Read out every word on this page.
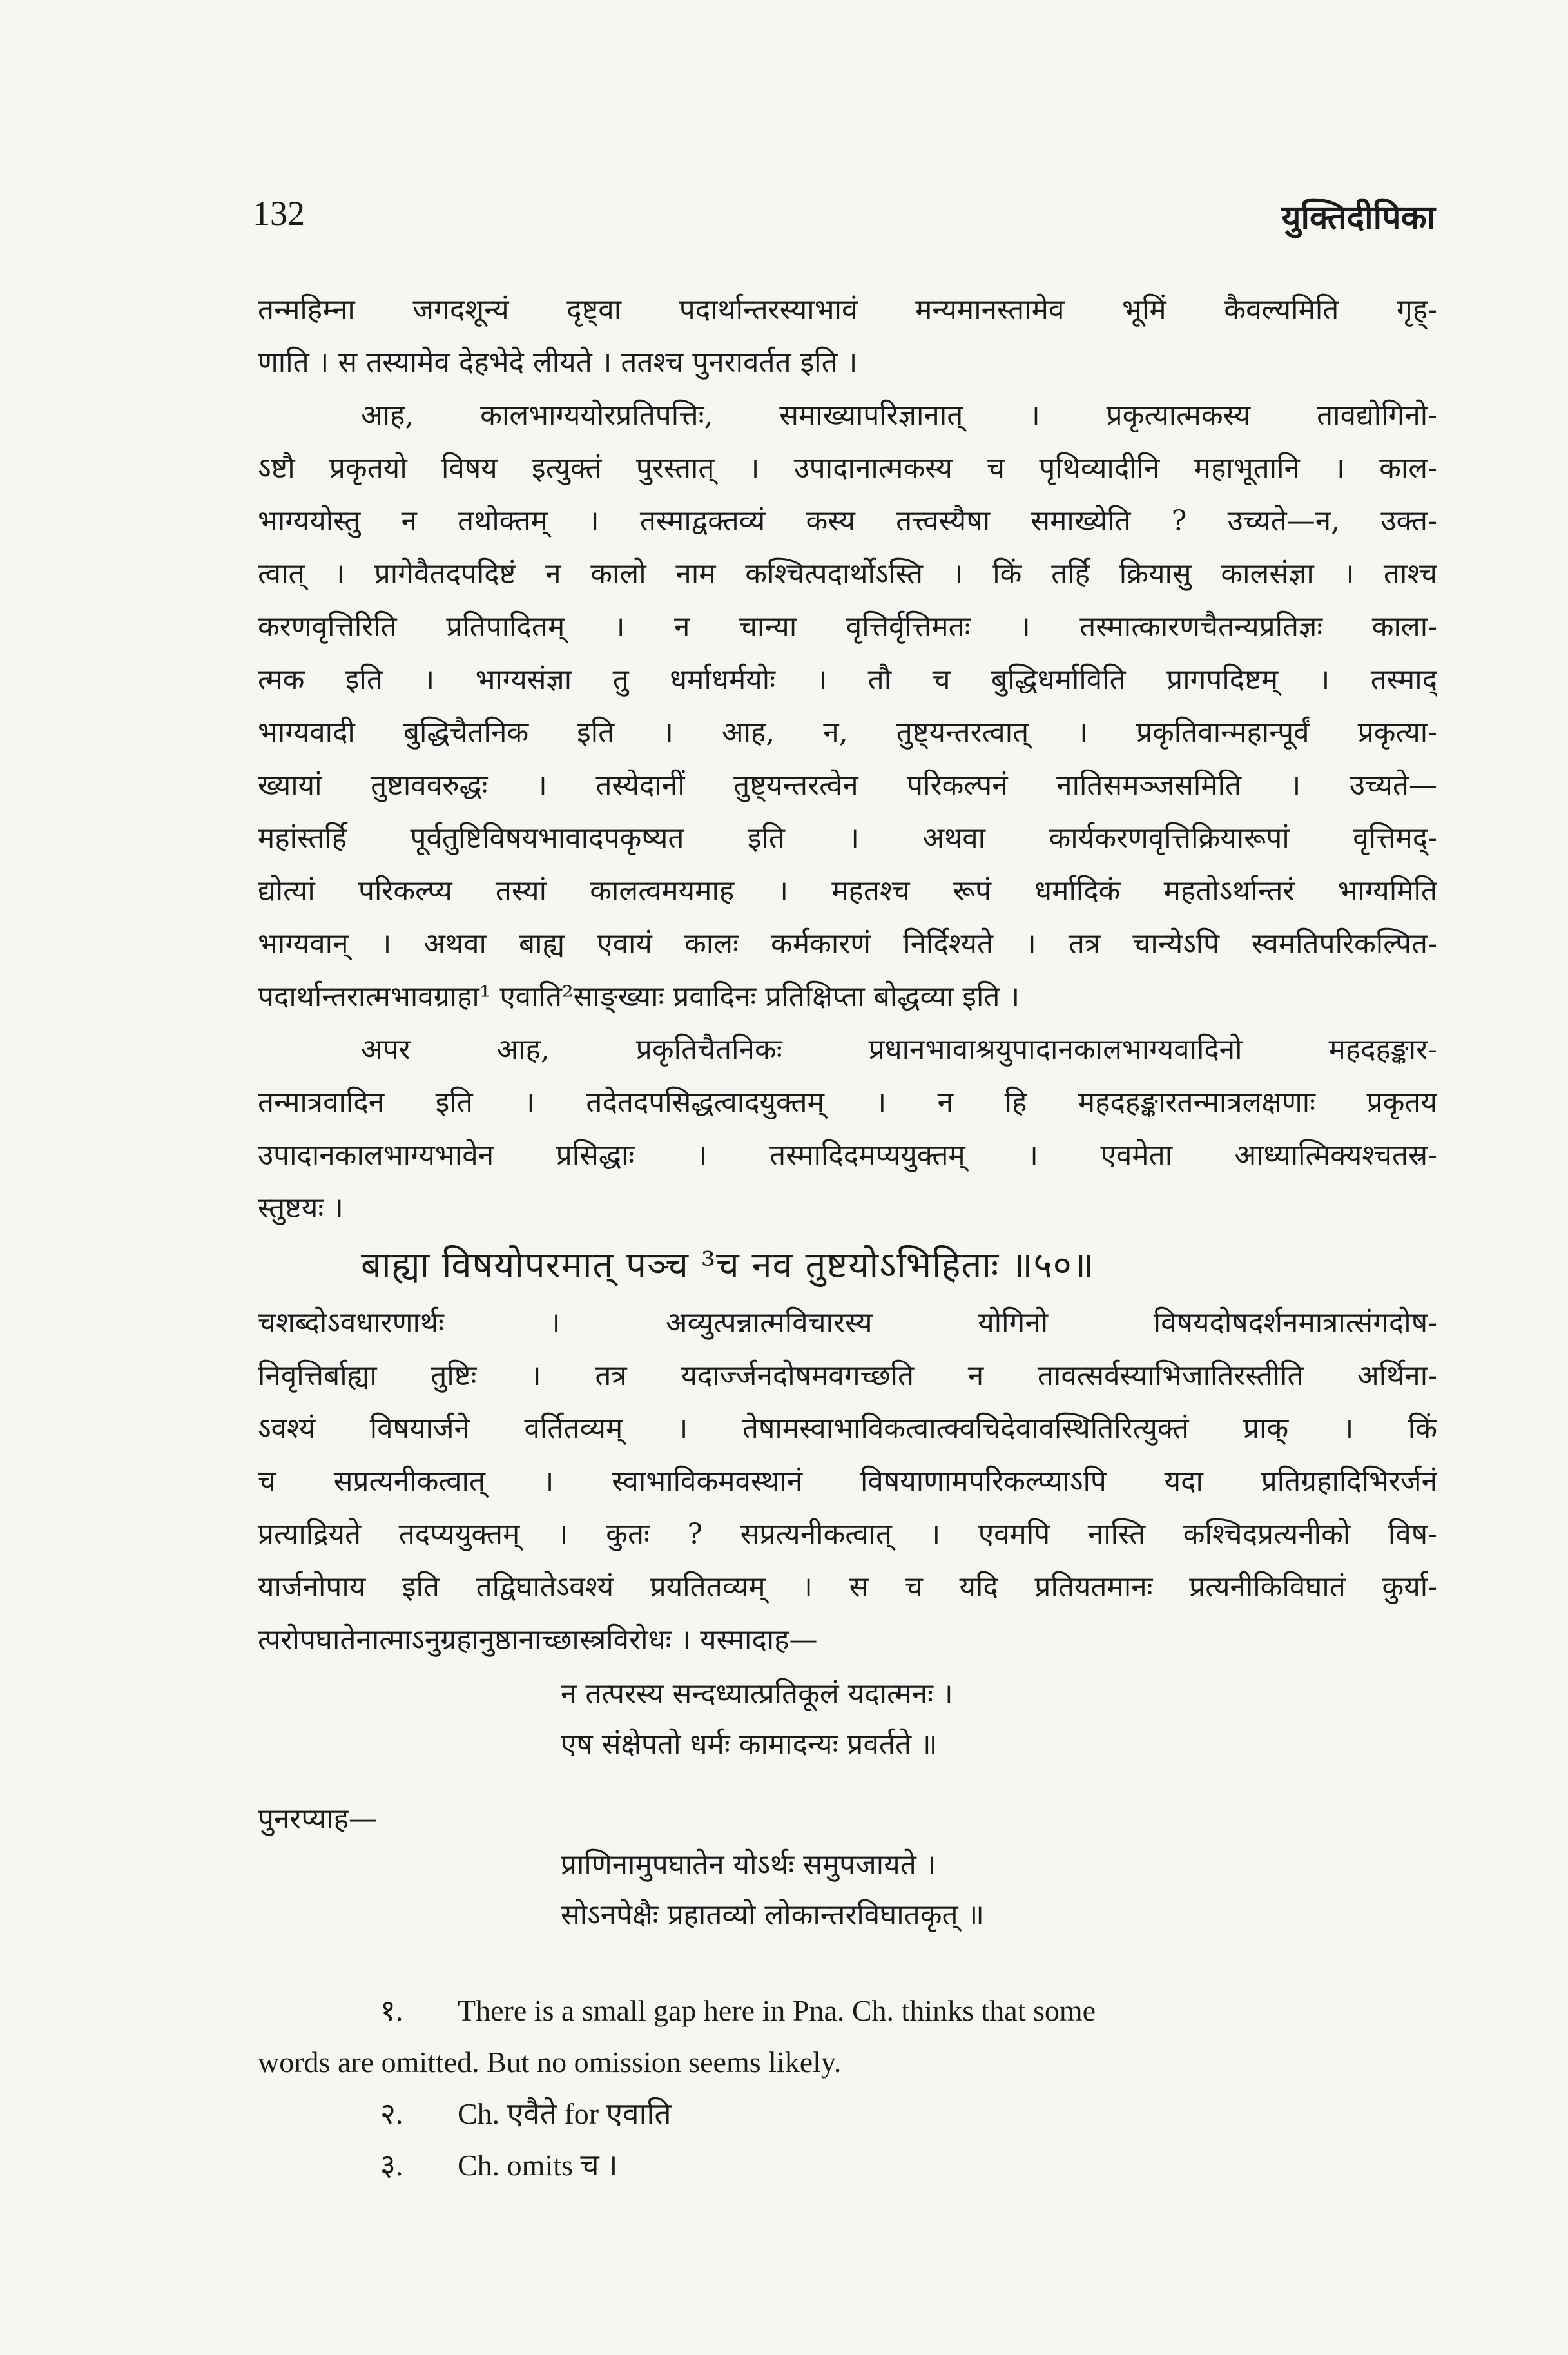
132	युक्तिदीपिका
तन्महिम्ना जगदशून्यं दृष्ट्वा पदार्थान्तरस्याभावं मन्यमानस्तामेव भूमिं कैवल्यमिति गृह्-
णाति । स तस्यामेव देहभेदे लीयते । ततश्च पुनरावर्तत इति ।
आह, कालभाग्ययोरप्रतिपत्तिः, समाख्यापरिज्ञानात् । प्रकृत्यात्मकस्य तावद्योगिनो-
ऽष्टौ प्रकृतयो विषय इत्युक्तं पुरस्तात् । उपादानात्मकस्य च पृथिव्यादीनि महाभूतानि । काल-
भाग्ययोस्तु न तथोक्तम् । तस्माद्वक्तव्यं कस्य तत्त्वस्यैषा समाख्येति ? उच्यते—न, उक्त-
त्वात् । प्रागेवैतदपदिष्टं न कालो नाम कश्चित्पदार्थोऽस्ति । किं तर्हि क्रियासु कालसंज्ञा । ताश्च
करणवृत्तिरिति प्रतिपादितम् । न चान्या वृत्तिर्वृत्तिमतः । तस्मात्कारणचैतन्यप्रतिज्ञः काला-
त्मक इति । भाग्यसंज्ञा तु धर्माधर्मयोः । तौ च बुद्धिधर्माविति प्रागपदिष्टम् । तस्माद्
भाग्यवादी बुद्धिचैतनिक इति । आह, न, तुष्ट्यन्तरत्वात् । प्रकृतिवान्महान्पूर्वं प्रकृत्या-
ख्यायां तुष्टाववरुद्धः । तस्येदानीं तुष्ट्यन्तरत्वेन परिकल्पनं नातिसमञ्जसमिति । उच्यते—
महांस्तर्हि पूर्वतुष्टिविषयभावादपकृष्यत इति । अथवा कार्यकरणवृत्तिक्रियारूपां वृत्तिमद्-
द्योत्यां परिकल्प्य तस्यां कालत्वमयमाह । महतश्च रूपं धर्मादिकं महतोऽर्थान्तरं भाग्यमिति
भाग्यवान् । अथवा बाह्य एवायं कालः कर्मकारणं निर्दिश्यते । तत्र चान्येऽपि स्वमतिपरिकल्पित-
पदार्थान्तरात्मभावग्राहा¹ एवाति²साङ्ख्याः प्रवादिनः प्रतिक्षिप्ता बोद्धव्या इति ।
अपर आह, प्रकृतिचैतनिकः प्रधानभावाश्रयुपादानकालभाग्यवादिनो महदहङ्कार-
तन्मात्रवादिन इति । तदेतदपसिद्धत्वादयुक्तम् । न हि महदहङ्कारतन्मात्रलक्षणाः प्रकृतय
उपादानकालभाग्यभावेन प्रसिद्धाः । तस्मादिदमप्ययुक्तम् । एवमेता आध्यात्मिक्यश्चतस्र-
स्तुष्टयः ।
बाह्या विषयोपरमात् पञ्च ³च नव तुष्टयोऽभिहिताः ॥५०॥
चशब्दोऽवधारणार्थः । अव्युत्पन्नात्मविचारस्य योगिनो विषयदोषदर्शनमात्रात्संगदोष-
निवृत्तिर्बाह्या तुष्टिः । तत्र यदार्ज्जनदोषमवगच्छति न तावत्सर्वस्याभिजातिरस्तीति अर्थिना-
ऽवश्यं विषयार्जने वर्तितव्यम् । तेषामस्वाभाविकत्वात्क्वचिदेवावस्थितिरित्युक्तं प्राक् । किं
च सप्रत्यनीकत्वात् । स्वाभाविकमवस्थानं विषयाणामपरिकल्प्याऽपि यदा प्रतिग्रहादिभिरर्जनं
प्रत्याद्रियते तदप्ययुक्तम् । कुतः ? सप्रत्यनीकत्वात् । एवमपि नास्ति कश्चिदप्रत्यनीको विष-
यार्जनोपाय इति तद्विघातेऽवश्यं प्रयतितव्यम् । स च यदि प्रतियतमानः प्रत्यनीकिविघातं कुर्या-
त्परोपघातेनात्माऽनुग्रहानुष्ठानाच्छास्त्रविरोधः । यस्मादाह—
न तत्परस्य सन्दध्यात्प्रतिकूलं यदात्मनः ।
एष संक्षेपतो धर्मः कामादन्यः प्रवर्तते ॥
पुनरप्याह—
प्राणिनामुपघातेन योऽर्थः समुपजायते ।
सोऽनपेक्षैः प्रहातव्यो लोकान्तरविघातकृत् ॥
१. There is a small gap here in Pna. Ch. thinks that some
words are omitted. But no omission seems likely.
२. Ch. एवैते for एवाति
३. Ch. omits च ।
